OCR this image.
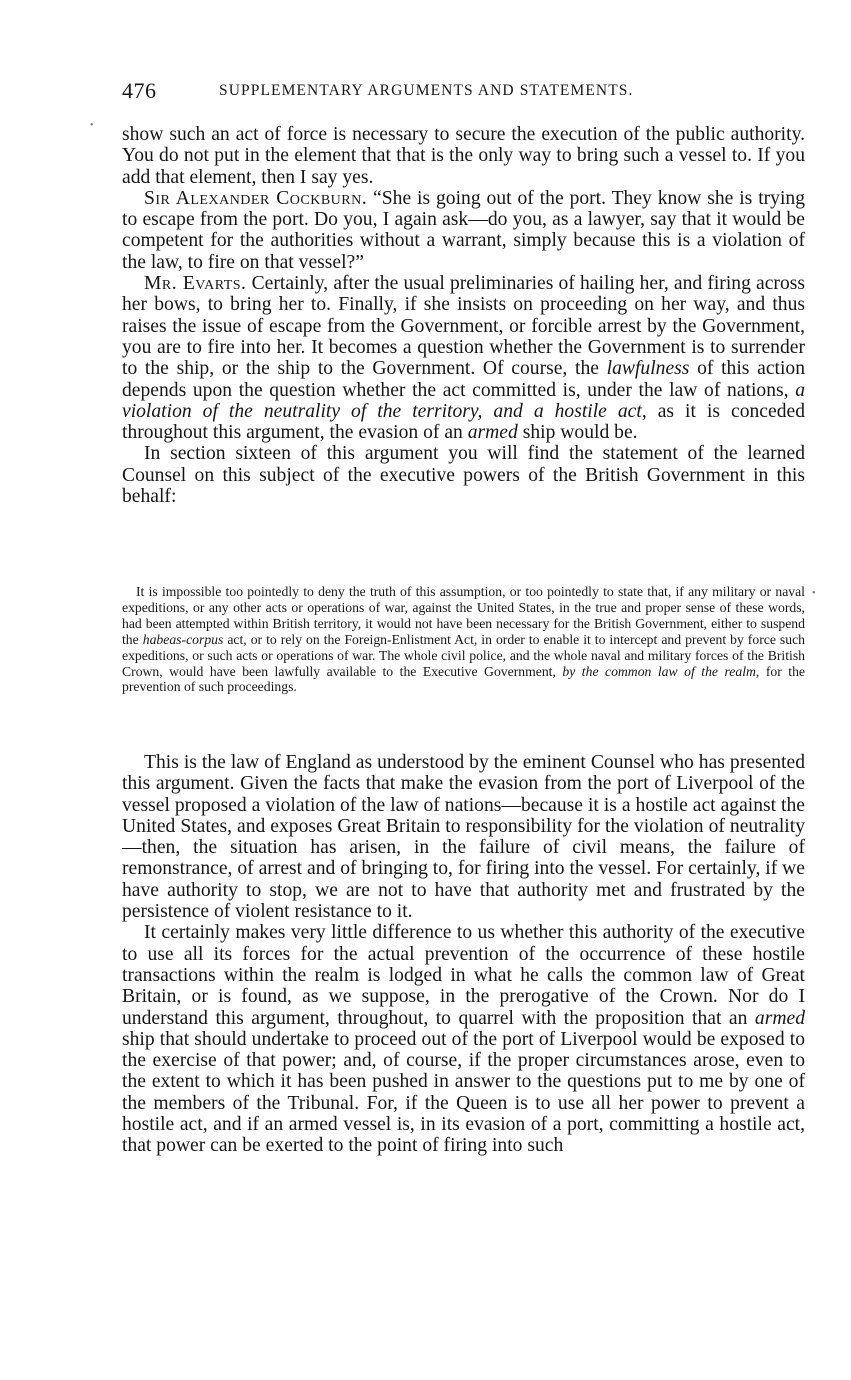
476	SUPPLEMENTARY ARGUMENTS AND STATEMENTS.

show such an act of force is necessary to secure the execution of the public authority. You do not put in the element that that is the only way to bring such a vessel to. If you add that element, then I say yes.

Sir Alexander Cockburn. “She is going out of the port. They know she is trying to escape from the port. Do you, I again ask—do you, as a lawyer, say that it would be competent for the authorities without a warrant, simply because this is a violation of the law, to fire on that vessel?”

Mr. Evarts. Certainly, after the usual preliminaries of hailing her, and firing across her bows, to bring her to. Finally, if she insists on proceeding on her way, and thus raises the issue of escape from the Government, or forcible arrest by the Government, you are to fire into her. It becomes a question whether the Government is to surrender to the ship, or the ship to the Government. Of course, the lawfulness of this action depends upon the question whether the act committed is, under the law of nations, a violation of the neutrality of the territory, and a hostile act, as it is conceded throughout this argument, the evasion of an armed ship would be.

In section sixteen of this argument you will find the statement of the learned Counsel on this subject of the executive powers of the British Government in this behalf:

It is impossible too pointedly to deny the truth of this assumption, or too pointedly to state that, if any military or naval expeditions, or any other acts or operations of war, against the United States, in the true and proper sense of these words, had been attempted within British territory, it would not have been necessary for the British Government, either to suspend the habeas-corpus act, or to rely on the Foreign-Enlistment Act, in order to enable it to intercept and prevent by force such expeditions, or such acts or operations of war. The whole civil police, and the whole naval and military forces of the British Crown, would have been lawfully available to the Executive Government, by the common law of the realm, for the prevention of such proceedings.

This is the law of England as understood by the eminent Counsel who has presented this argument. Given the facts that make the evasion from the port of Liverpool of the vessel proposed a violation of the law of nations—because it is a hostile act against the United States, and exposes Great Britain to responsibility for the violation of neutrality—then, the situation has arisen, in the failure of civil means, the failure of remonstrance, of arrest and of bringing to, for firing into the vessel. For certainly, if we have authority to stop, we are not to have that authority met and frustrated by the persistence of violent resistance to it.

It certainly makes very little difference to us whether this authority of the executive to use all its forces for the actual prevention of the occurrence of these hostile transactions within the realm is lodged in what he calls the common law of Great Britain, or is found, as we suppose, in the prerogative of the Crown. Nor do I understand this argument, throughout, to quarrel with the proposition that an armed ship that should undertake to proceed out of the port of Liverpool would be exposed to the exercise of that power; and, of course, if the proper circumstances arose, even to the extent to which it has been pushed in answer to the questions put to me by one of the members of the Tribunal. For, if the Queen is to use all her power to prevent a hostile act, and if an armed vessel is, in its evasion of a port, committing a hostile act, that power can be exerted to the point of firing into such

•
•
